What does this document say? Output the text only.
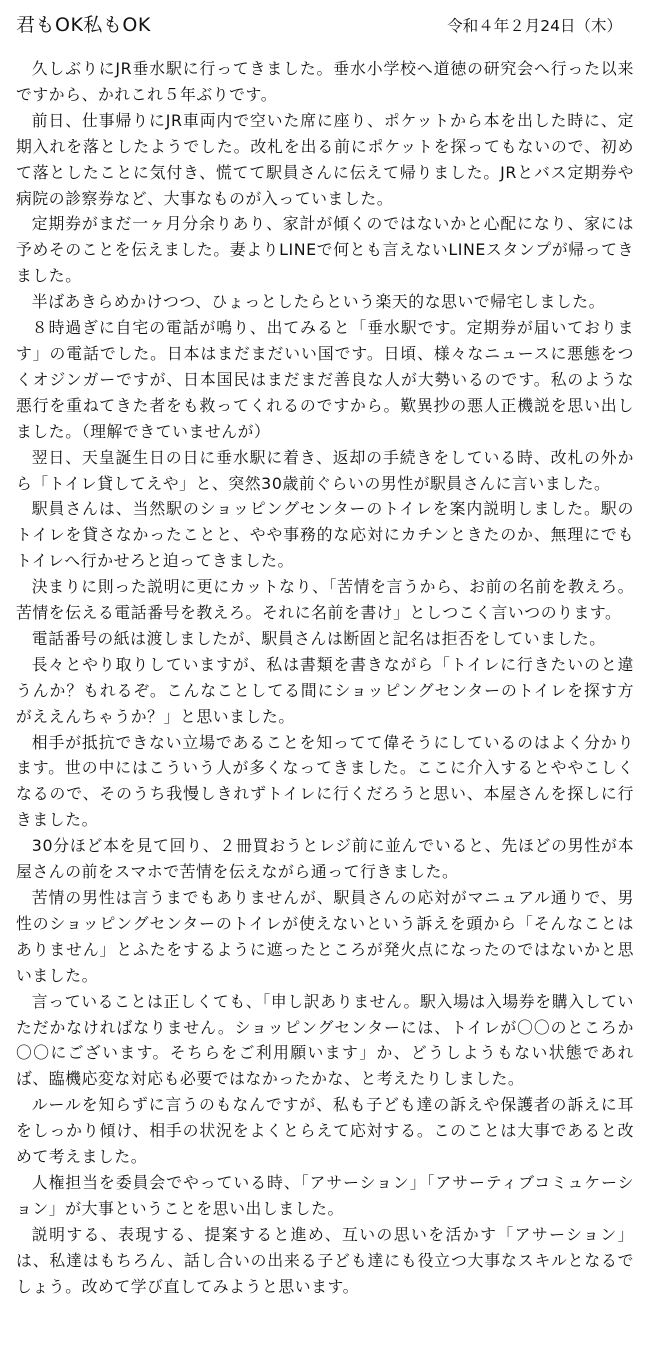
君もOK私もOK	令和４年２月24日（木）

久しぶりにJR垂水駅に行ってきました。垂水小学校へ道徳の研究会へ行った以来ですから、かれこれ５年ぶりです。

前日、仕事帰りにJR車両内で空いた席に座り、ポケットから本を出した時に、定期入れを落としたようでした。改札を出る前にポケットを探ってもないので、初めて落としたことに気付き、慌てて駅員さんに伝えて帰りました。JRとバス定期券や病院の診察券など、大事なものが入っていました。

定期券がまだ一ヶ月分余りあり、家計が傾くのではないかと心配になり、家には予めそのことを伝えました。妻よりLINEで何とも言えないLINEスタンプが帰ってきました。

半ばあきらめかけつつ、ひょっとしたらという楽天的な思いで帰宅しました。

８時過ぎに自宅の電話が鳴り、出てみると「垂水駅です。定期券が届いております」の電話でした。日本はまだまだいい国です。日頃、様々なニュースに悪態をつくオジンガーですが、日本国民はまだまだ善良な人が大勢いるのです。私のような悪行を重ねてきた者をも救ってくれるのですから。歎異抄の悪人正機説を思い出しました。（理解できていませんが）

翌日、天皇誕生日の日に垂水駅に着き、返却の手続きをしている時、改札の外から「トイレ貸してえや」と、突然30歳前ぐらいの男性が駅員さんに言いました。

駅員さんは、当然駅のショッピングセンターのトイレを案内説明しました。駅のトイレを貸さなかったことと、やや事務的な応対にカチンときたのか、無理にでもトイレへ行かせろと迫ってきました。

決まりに則った説明に更にカットなり、「苦情を言うから、お前の名前を教えろ。苦情を伝える電話番号を教えろ。それに名前を書け」としつこく言いつのります。

電話番号の紙は渡しましたが、駅員さんは断固と記名は拒否をしていました。

長々とやり取りしていますが、私は書類を書きながら「トイレに行きたいのと違うんか？もれるぞ。こんなことしてる間にショッピングセンターのトイレを探す方がええんちゃうか？」と思いました。

相手が抵抗できない立場であることを知ってて偉そうにしているのはよく分かります。世の中にはこういう人が多くなってきました。ここに介入するとややこしくなるので、そのうち我慢しきれずトイレに行くだろうと思い、本屋さんを探しに行きました。

30分ほど本を見て回り、２冊買おうとレジ前に並んでいると、先ほどの男性が本屋さんの前をスマホで苦情を伝えながら通って行きました。

苦情の男性は言うまでもありませんが、駅員さんの応対がマニュアル通りで、男性のショッピングセンターのトイレが使えないという訴えを頭から「そんなことはありません」とふたをするように遮ったところが発火点になったのではないかと思いました。

言っていることは正しくても、「申し訳ありません。駅入場は入場券を購入していただかなければなりません。ショッピングセンターには、トイレが〇〇のところか〇〇にございます。そちらをご利用願います」か、どうしようもない状態であれば、臨機応変な対応も必要ではなかったかな、と考えたりしました。

ルールを知らずに言うのもなんですが、私も子ども達の訴えや保護者の訴えに耳をしっかり傾け、相手の状況をよくとらえて応対する。このことは大事であると改めて考えました。

人権担当を委員会でやっている時、「アサーション」「アサーティブコミュケーション」が大事ということを思い出しました。

説明する、表現する、提案すると進め、互いの思いを活かす「アサーション」は、私達はもちろん、話し合いの出来る子ども達にも役立つ大事なスキルとなるでしょう。改めて学び直してみようと思います。
